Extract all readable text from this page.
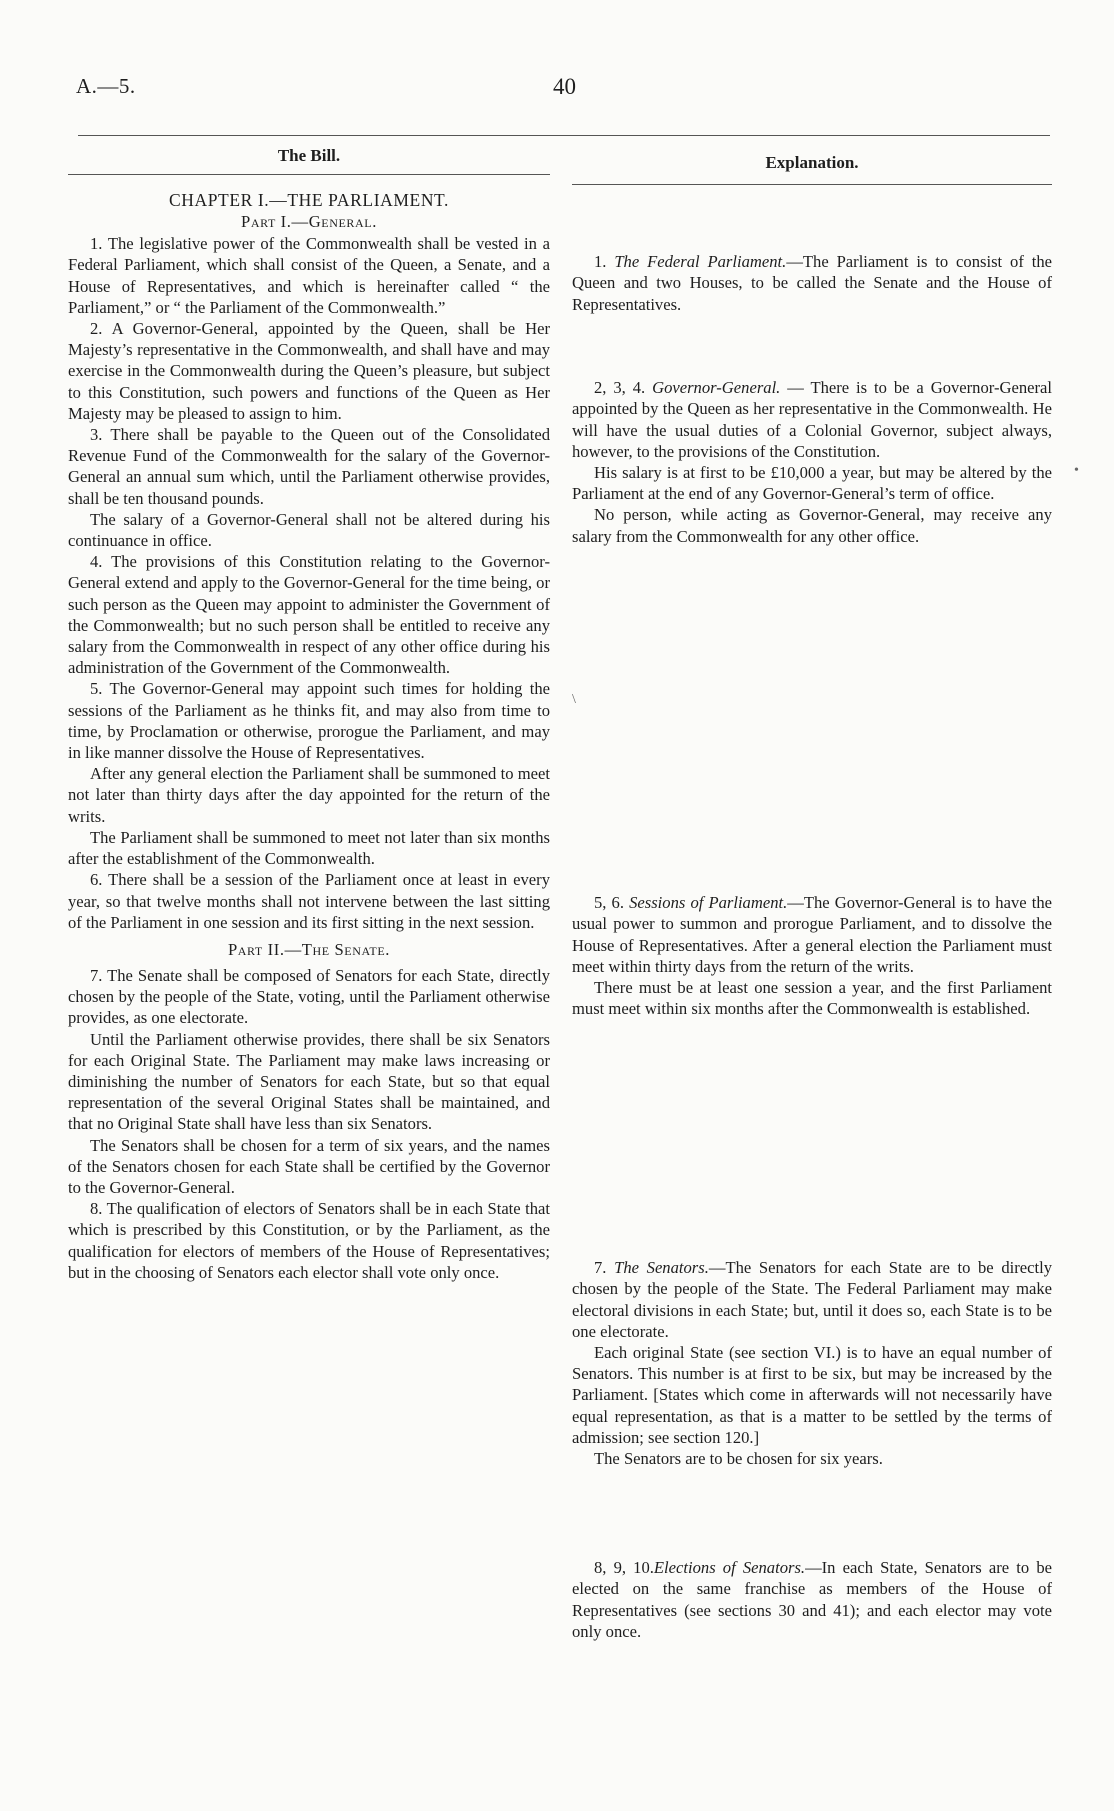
A.—5.	40

The Bill.

CHAPTER I.—THE PARLIAMENT.

Part I.—General.

1. The legislative power of the Commonwealth shall be vested in a Federal Parliament, which shall consist of the Queen, a Senate, and a House of Representatives, and which is hereinafter called “ the Parliament,” or “ the Parliament of the Commonwealth.”

2. A Governor-General, appointed by the Queen, shall be Her Majesty’s representative in the Commonwealth, and shall have and may exercise in the Commonwealth during the Queen’s pleasure, but subject to this Constitution, such powers and functions of the Queen as Her Majesty may be pleased to assign to him.

3. There shall be payable to the Queen out of the Consolidated Revenue Fund of the Commonwealth for the salary of the Governor-General an annual sum which, until the Parliament otherwise provides, shall be ten thousand pounds.

The salary of a Governor-General shall not be altered during his continuance in office.

4. The provisions of this Constitution relating to the Governor-General extend and apply to the Governor-General for the time being, or such person as the Queen may appoint to administer the Government of the Commonwealth; but no such person shall be entitled to receive any salary from the Commonwealth in respect of any other office during his administration of the Government of the Commonwealth.

5. The Governor-General may appoint such times for holding the sessions of the Parliament as he thinks fit, and may also from time to time, by Proclamation or otherwise, prorogue the Parliament, and may in like manner dissolve the House of Representatives.

After any general election the Parliament shall be summoned to meet not later than thirty days after the day appointed for the return of the writs.

The Parliament shall be summoned to meet not later than six months after the establishment of the Commonwealth.

6. There shall be a session of the Parliament once at least in every year, so that twelve months shall not intervene between the last sitting of the Parliament in one session and its first sitting in the next session.

Part II.—The Senate.

7. The Senate shall be composed of Senators for each State, directly chosen by the people of the State, voting, until the Parliament otherwise provides, as one electorate.

Until the Parliament otherwise provides, there shall be six Senators for each Original State. The Parliament may make laws increasing or diminishing the number of Senators for each State, but so that equal representation of the several Original States shall be maintained, and that no Original State shall have less than six Senators.

The Senators shall be chosen for a term of six years, and the names of the Senators chosen for each State shall be certified by the Governor to the Governor-General.

8. The qualification of electors of Senators shall be in each State that which is prescribed by this Constitution, or by the Parliament, as the qualification for electors of members of the House of Representatives; but in the choosing of Senators each elector shall vote only once.

Explanation.

1. The Federal Parliament.—The Parliament is to consist of the Queen and two Houses, to be called the Senate and the House of Representatives.

2, 3, 4. Governor-General. — There is to be a Governor-General appointed by the Queen as her representative in the Commonwealth. He will have the usual duties of a Colonial Governor, subject always, however, to the provisions of the Constitution.

His salary is at first to be £10,000 a year, but may be altered by the Parliament at the end of any Governor-General’s term of office.

No person, while acting as Governor-General, may receive any salary from the Commonwealth for any other office.

5, 6. Sessions of Parliament.—The Governor-General is to have the usual power to summon and prorogue Parliament, and to dissolve the House of Representatives. After a general election the Parliament must meet within thirty days from the return of the writs.

There must be at least one session a year, and the first Parliament must meet within six months after the Commonwealth is established.

7. The Senators.—The Senators for each State are to be directly chosen by the people of the State. The Federal Parliament may make electoral divisions in each State; but, until it does so, each State is to be one electorate.

Each original State (see section VI.) is to have an equal number of Senators. This number is at first to be six, but may be increased by the Parliament. [States which come in afterwards will not necessarily have equal representation, as that is a matter to be settled by the terms of admission; see section 120.]

The Senators are to be chosen for six years.

8, 9, 10.Elections of Senators.—In each State, Senators are to be elected on the same franchise as members of the House of Representatives (see sections 30 and 41); and each elector may vote only once.

\
•
